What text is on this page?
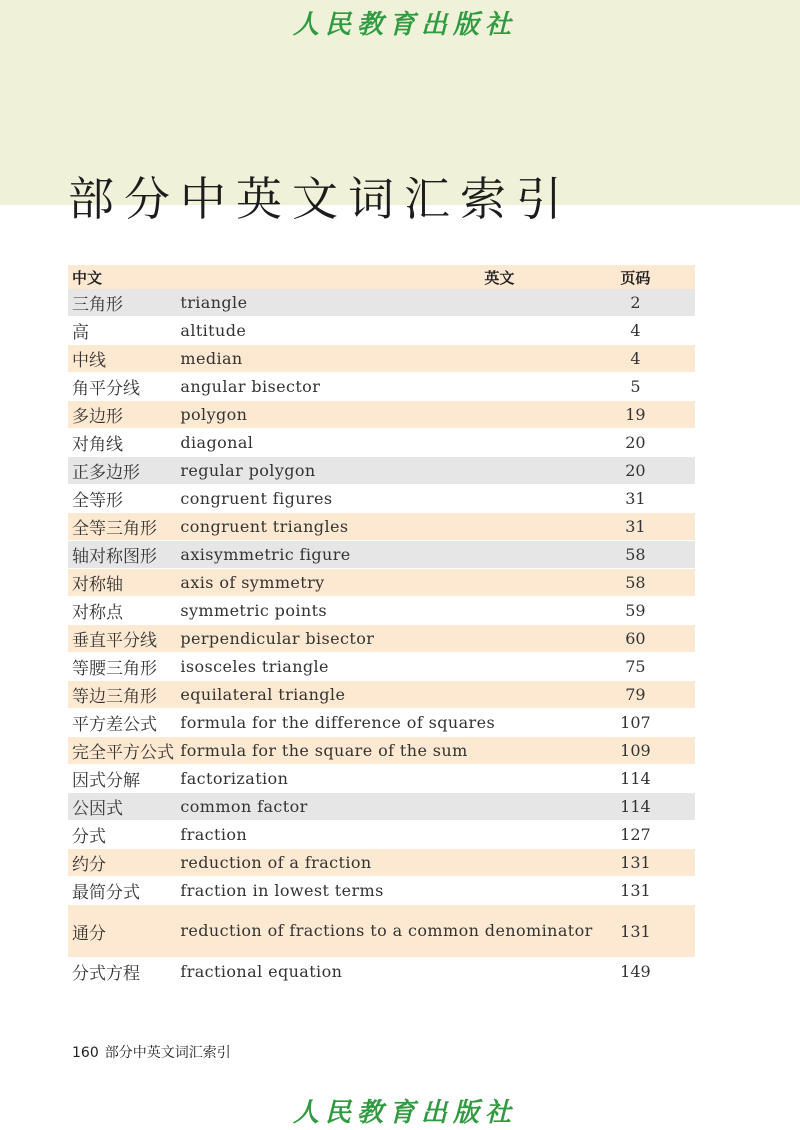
人民教育出版社
部分中英文词汇索引
中文	英文	页码
三角形	triangle	2
高	altitude	4
中线	median	4
角平分线	angular bisector	5
多边形	polygon	19
对角线	diagonal	20
正多边形	regular polygon	20
全等形	congruent figures	31
全等三角形	congruent triangles	31
轴对称图形	axisymmetric figure	58
对称轴	axis of symmetry	58
对称点	symmetric points	59
垂直平分线	perpendicular bisector	60
等腰三角形	isosceles triangle	75
等边三角形	equilateral triangle	79
平方差公式	formula for the difference of squares	107
完全平方公式	formula for the square of the sum	109
因式分解	factorization	114
公因式	common factor	114
分式	fraction	127
约分	reduction of a fraction	131
最简分式	fraction in lowest terms	131
通分	reduction of fractions to a common denominator	131
分式方程	fractional equation	149
160 部分中英文词汇索引
人民教育出版社
